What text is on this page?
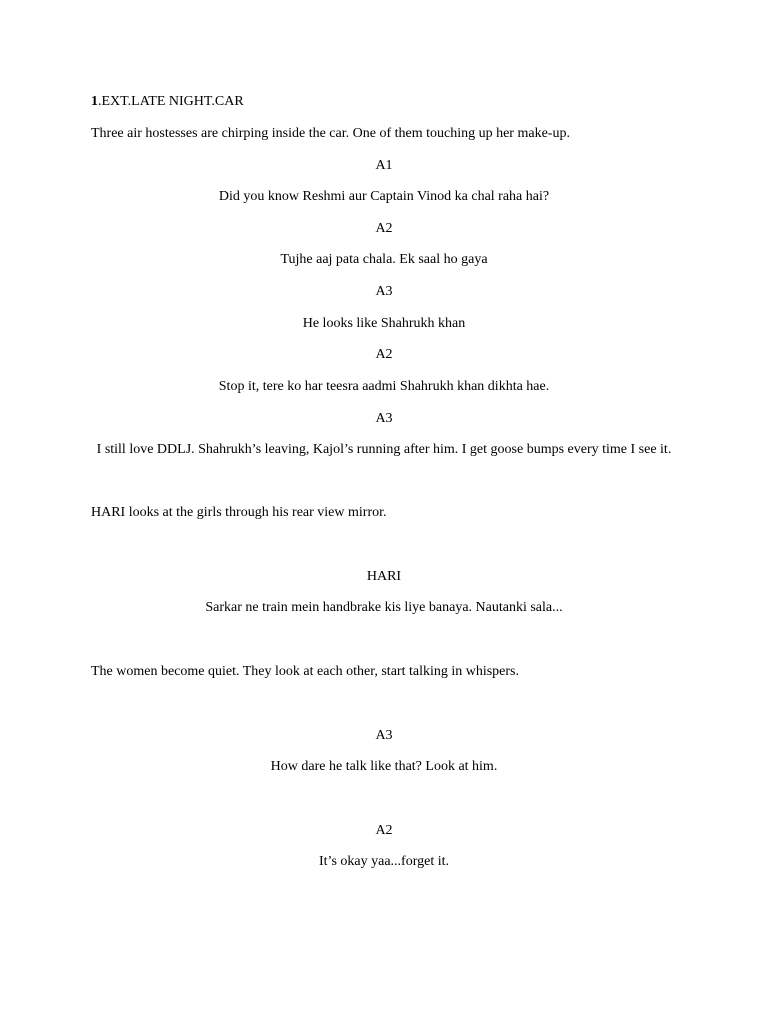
1.EXT.LATE NIGHT.CAR
Three air hostesses are chirping inside the car. One of them touching up her make-up.
A1
Did you know Reshmi aur Captain Vinod ka chal raha hai?
A2
Tujhe aaj pata chala. Ek saal ho gaya
A3
He looks like Shahrukh khan
A2
Stop it, tere ko har teesra aadmi Shahrukh khan dikhta hae.
A3
I still love DDLJ. Shahrukh’s leaving, Kajol’s running after him. I get goose bumps every time I see it.
HARI looks at the girls through his rear view mirror.
HARI
Sarkar ne train mein handbrake kis liye banaya. Nautanki sala...
The women become quiet. They look at each other, start talking in whispers.
A3
How dare he talk like that? Look at him.
A2
It’s okay yaa...forget it.
